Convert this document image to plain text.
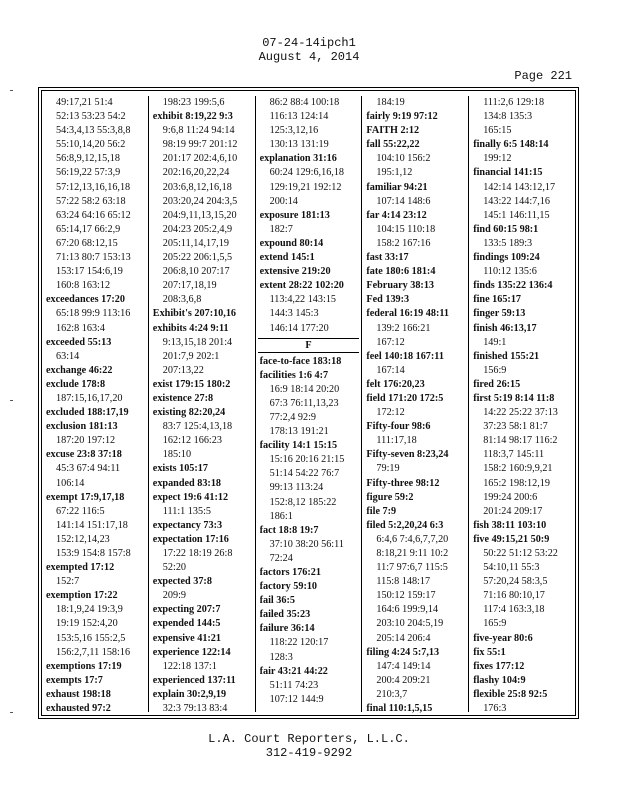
07-24-14ipch1
August 4, 2014
Page 221
49:17,21 51:4
52:13 53:23 54:2
54:3,4,13 55:3,8,8
55:10,14,20 56:2
56:8,9,12,15,18
56:19,22 57:3,9
57:12,13,16,16,18
57:22 58:2 63:18
63:24 64:16 65:12
65:14,17 66:2,9
67:20 68:12,15
71:13 80:7 153:13
153:17 154:6,19
160:8 163:12
exceedances 17:20
65:18 99:9 113:16
162:8 163:4
exceeded 55:13
63:14
exchange 46:22
exclude 178:8
187:15,16,17,20
excluded 188:17,19
exclusion 181:13
187:20 197:12
excuse 23:8 37:18
45:3 67:4 94:11
106:14
exempt 17:9,17,18
67:22 116:5
141:14 151:17,18
152:12,14,23
153:9 154:8 157:8
exempted 17:12
152:7
exemption 17:22
18:1,9,24 19:3,9
19:19 152:4,20
153:5,16 155:2,5
156:2,7,11 158:16
exemptions 17:19
exempts 17:7
exhaust 198:18
exhausted 97:2
198:23 199:5,6
exhibit 8:19,22 9:3
9:6,8 11:24 94:14
98:19 99:7 201:12
201:17 202:4,6,10
202:16,20,22,24
203:6,8,12,16,18
203:20,24 204:3,5
204:9,11,13,15,20
204:23 205:2,4,9
205:11,14,17,19
205:22 206:1,5,5
206:8,10 207:17
207:17,18,19
208:3,6,8
Exhibit's 207:10,16
exhibits 4:24 9:11
9:13,15,18 201:4
201:7,9 202:1
207:13,22
exist 179:15 180:2
existence 27:8
existing 82:20,24
83:7 125:4,13,18
162:12 166:23
185:10
exists 105:17
expanded 83:18
expect 19:6 41:12
111:1 135:5
expectancy 73:3
expectation 17:16
17:22 18:19 26:8
52:20
expected 37:8
209:9
expecting 207:7
expended 144:5
expensive 41:21
experience 122:14
122:18 137:1
experienced 137:11
explain 30:2,9,19
32:3 79:13 83:4
86:2 88:4 100:18
116:13 124:14
125:3,12,16
130:13 131:19
explanation 31:16
60:24 129:6,16,18
129:19,21 192:12
200:14
exposure 181:13
182:7
expound 80:14
extend 145:1
extensive 219:20
extent 28:22 102:20
113:4,22 143:15
144:3 145:3
146:14 177:20
F
face-to-face 183:18
facilities 1:6 4:7
16:9 18:14 20:20
67:3 76:11,13,23
77:2,4 92:9
178:13 191:21
facility 14:1 15:15
15:16 20:16 21:15
51:14 54:22 76:7
99:13 113:24
152:8,12 185:22
186:1
fact 18:8 19:7
37:10 38:20 56:11
72:24
factors 176:21
factory 59:10
fail 36:5
failed 35:23
failure 36:14
118:22 120:17
128:3
fair 43:21 44:22
51:11 74:23
107:12 144:9
184:19
fairly 9:19 97:12
FAITH 2:12
fall 55:22,22
104:10 156:2
195:1,12
familiar 94:21
107:14 148:6
far 4:14 23:12
104:15 110:18
158:2 167:16
fast 33:17
fate 180:6 181:4
February 38:13
Fed 139:3
federal 16:19 48:11
139:2 166:21
167:12
feel 140:18 167:11
167:14
felt 176:20,23
field 171:20 172:5
172:12
Fifty-four 98:6
111:17,18
Fifty-seven 8:23,24
79:19
Fifty-three 98:12
figure 59:2
file 7:9
filed 5:2,20,24 6:3
6:4,6 7:4,6,7,7,20
8:18,21 9:11 10:2
11:7 97:6,7 115:5
115:8 148:17
150:12 159:17
164:6 199:9,14
203:10 204:5,19
205:14 206:4
filing 4:24 5:7,13
147:4 149:14
200:4 209:21
210:3,7
final 110:1,5,15
111:2,6 129:18
134:8 135:3
165:15
finally 6:5 148:14
199:12
financial 141:15
142:14 143:12,17
143:22 144:7,16
145:1 146:11,15
find 60:15 98:1
133:5 189:3
findings 109:24
110:12 135:6
finds 135:22 136:4
fine 165:17
finger 59:13
finish 46:13,17
149:1
finished 155:21
156:9
fired 26:15
first 5:19 8:14 11:8
14:22 25:22 37:13
37:23 58:1 81:7
81:14 98:17 116:2
118:3,7 145:11
158:2 160:9,9,21
165:2 198:12,19
199:24 200:6
201:24 209:17
fish 38:11 103:10
five 49:15,21 50:9
50:22 51:12 53:22
54:10,11 55:3
57:20,24 58:3,5
71:16 80:10,17
117:4 163:3,18
165:9
five-year 80:6
fix 55:1
fixes 177:12
flashy 104:9
flexible 25:8 92:5
176:3
L.A. Court Reporters, L.L.C.
312-419-9292
